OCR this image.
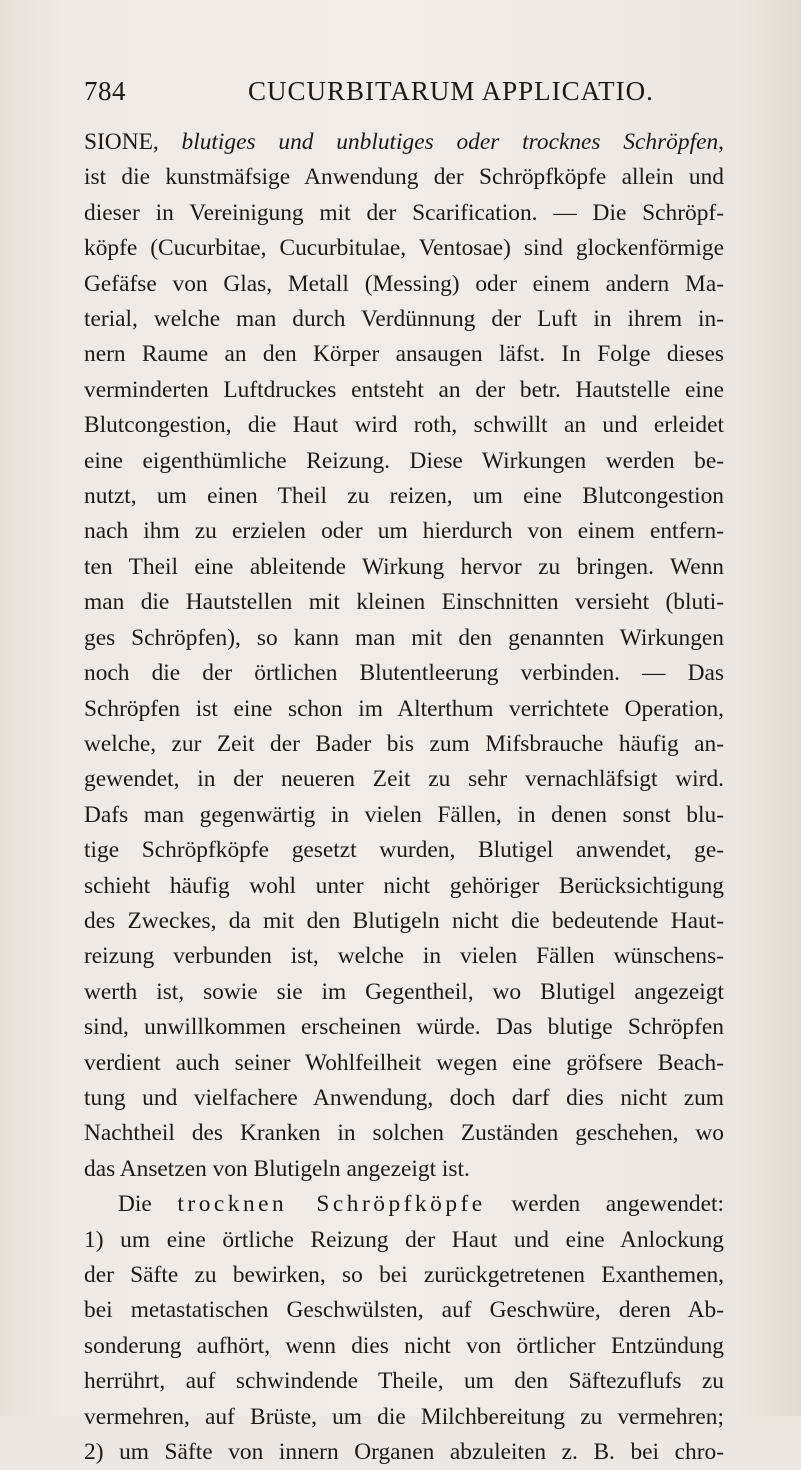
784	CUCURBITARUM APPLICATIO.
SIONE, blutiges und unblutiges oder trocknes Schröpfen,
ist die kunstmäfsige Anwendung der Schröpfköpfe allein und
dieser in Vereinigung mit der Scarification. — Die Schröpf-
köpfe (Cucurbitae, Cucurbitulae, Ventosae) sind glockenförmige
Gefäfse von Glas, Metall (Messing) oder einem andern Ma-
terial, welche man durch Verdünnung der Luft in ihrem in-
nern Raume an den Körper ansaugen läfst. In Folge dieses
verminderten Luftdruckes entsteht an der betr. Hautstelle eine
Blutcongestion, die Haut wird roth, schwillt an und erleidet
eine eigenthümliche Reizung. Diese Wirkungen werden be-
nutzt, um einen Theil zu reizen, um eine Blutcongestion
nach ihm zu erzielen oder um hierdurch von einem entfern-
ten Theil eine ableitende Wirkung hervor zu bringen. Wenn
man die Hautstellen mit kleinen Einschnitten versieht (bluti-
ges Schröpfen), so kann man mit den genannten Wirkungen
noch die der örtlichen Blutentleerung verbinden. — Das
Schröpfen ist eine schon im Alterthum verrichtete Operation,
welche, zur Zeit der Bader bis zum Mifsbrauche häufig an-
gewendet, in der neueren Zeit zu sehr vernachläfsigt wird.
Dafs man gegenwärtig in vielen Fällen, in denen sonst blu-
tige Schröpfköpfe gesetzt wurden, Blutigel anwendet, ge-
schieht häufig wohl unter nicht gehöriger Berücksichtigung
des Zweckes, da mit den Blutigeln nicht die bedeutende Haut-
reizung verbunden ist, welche in vielen Fällen wünschens-
werth ist, sowie sie im Gegentheil, wo Blutigel angezeigt
sind, unwillkommen erscheinen würde. Das blutige Schröpfen
verdient auch seiner Wohlfeilheit wegen eine gröfsere Beach-
tung und vielfachere Anwendung, doch darf dies nicht zum
Nachtheil des Kranken in solchen Zuständen geschehen, wo
das Ansetzen von Blutigeln angezeigt ist.
Die trocknen Schröpfköpfe werden angewendet:
1) um eine örtliche Reizung der Haut und eine Anlockung
der Säfte zu bewirken, so bei zurückgetretenen Exanthemen,
bei metastatischen Geschwülsten, auf Geschwüre, deren Ab-
sonderung aufhört, wenn dies nicht von örtlicher Entzündung
herrührt, auf schwindende Theile, um den Säftezuflufs zu
vermehren, auf Brüste, um die Milchbereitung zu vermehren;
2) um Säfte von innern Organen abzuleiten z. B. bei chro-
